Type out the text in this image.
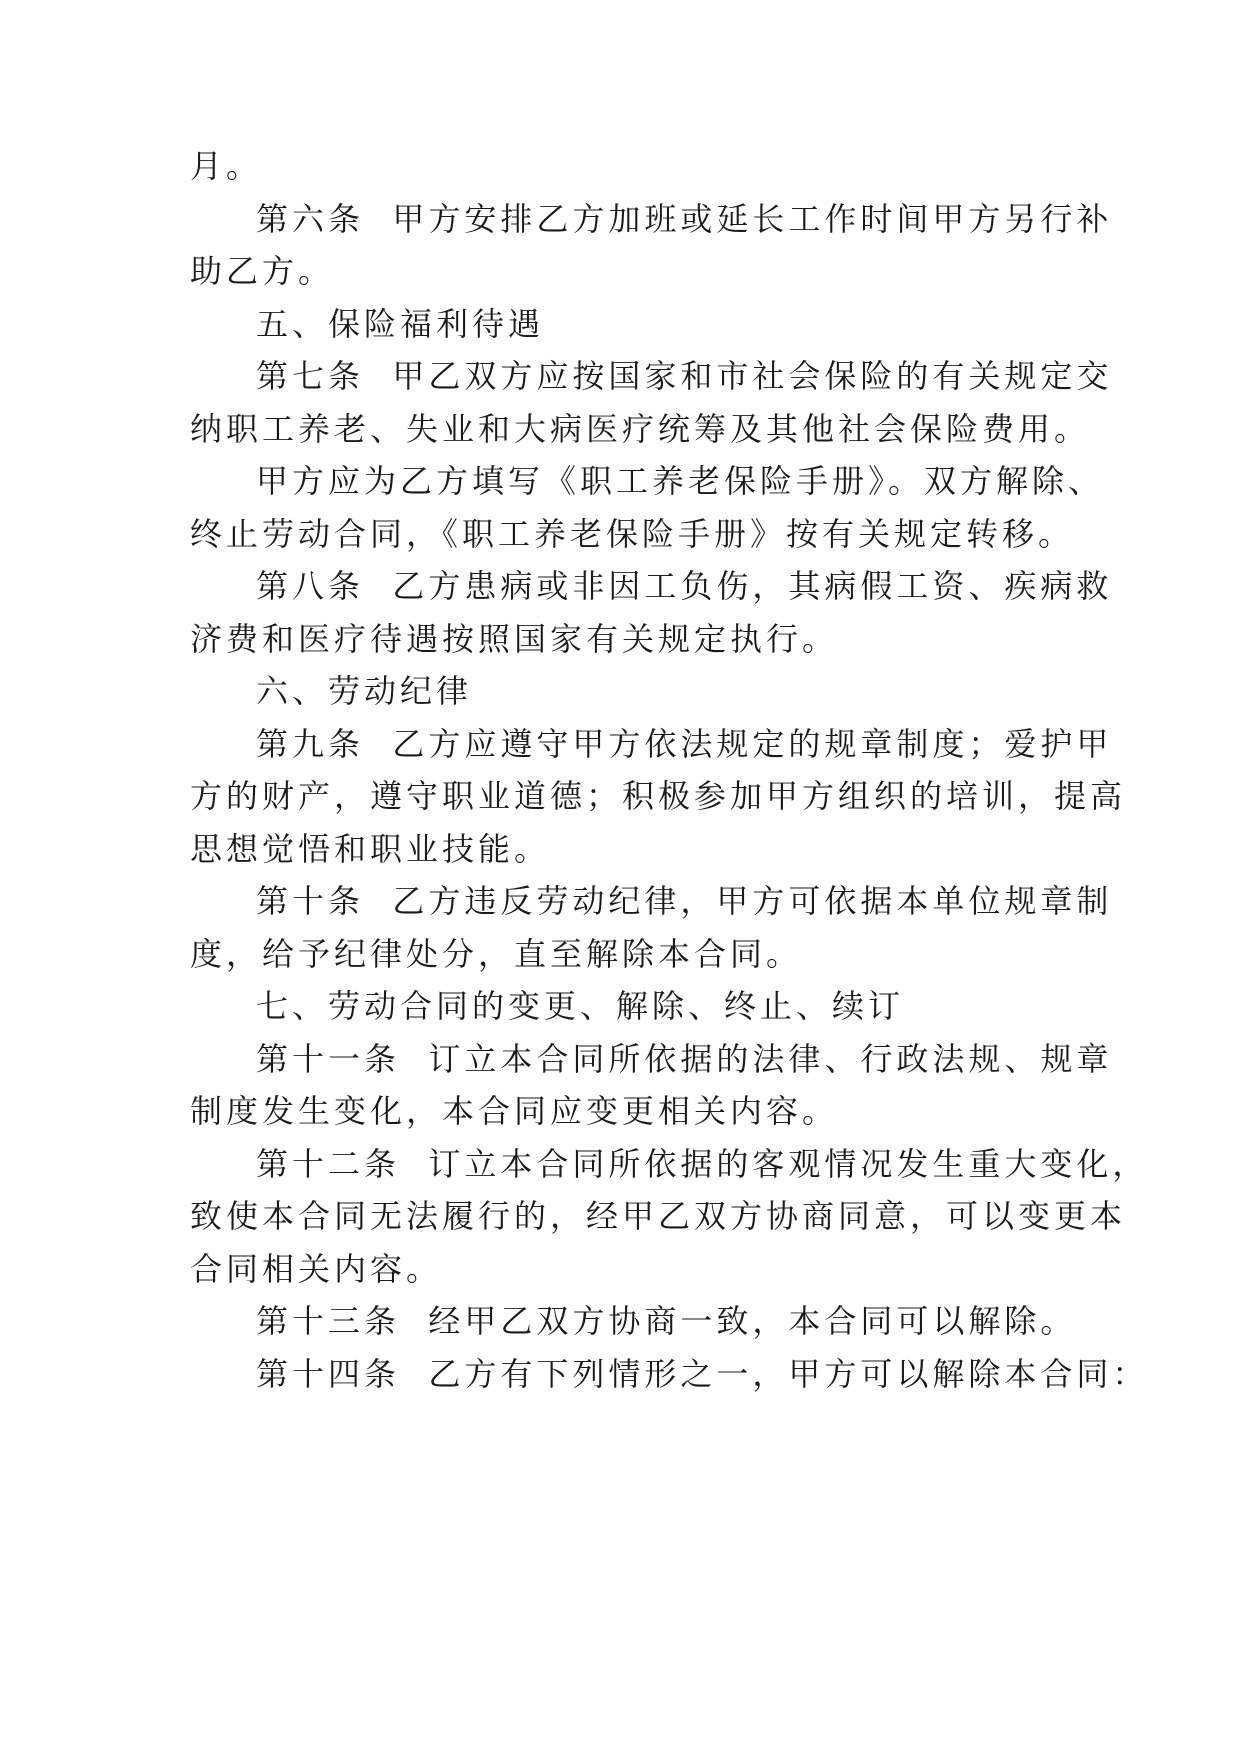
月。
第六条  甲方安排乙方加班或延长工作时间甲方另行补
助乙方。
五、保险福利待遇
第七条  甲乙双方应按国家和市社会保险的有关规定交
纳职工养老、失业和大病医疗统筹及其他社会保险费用。
甲方应为乙方填写《职工养老保险手册》。双方解除、
终止劳动合同，《职工养老保险手册》按有关规定转移。
第八条  乙方患病或非因工负伤，其病假工资、疾病救
济费和医疗待遇按照国家有关规定执行。
六、劳动纪律
第九条  乙方应遵守甲方依法规定的规章制度；爱护甲
方的财产，遵守职业道德；积极参加甲方组织的培训，提高
思想觉悟和职业技能。
第十条  乙方违反劳动纪律，甲方可依据本单位规章制
度，给予纪律处分，直至解除本合同。
七、劳动合同的变更、解除、终止、续订
第十一条  订立本合同所依据的法律、行政法规、规章
制度发生变化，本合同应变更相关内容。
第十二条  订立本合同所依据的客观情况发生重大变化，
致使本合同无法履行的，经甲乙双方协商同意，可以变更本
合同相关内容。
第十三条  经甲乙双方协商一致，本合同可以解除。
第十四条  乙方有下列情形之一，甲方可以解除本合同：
